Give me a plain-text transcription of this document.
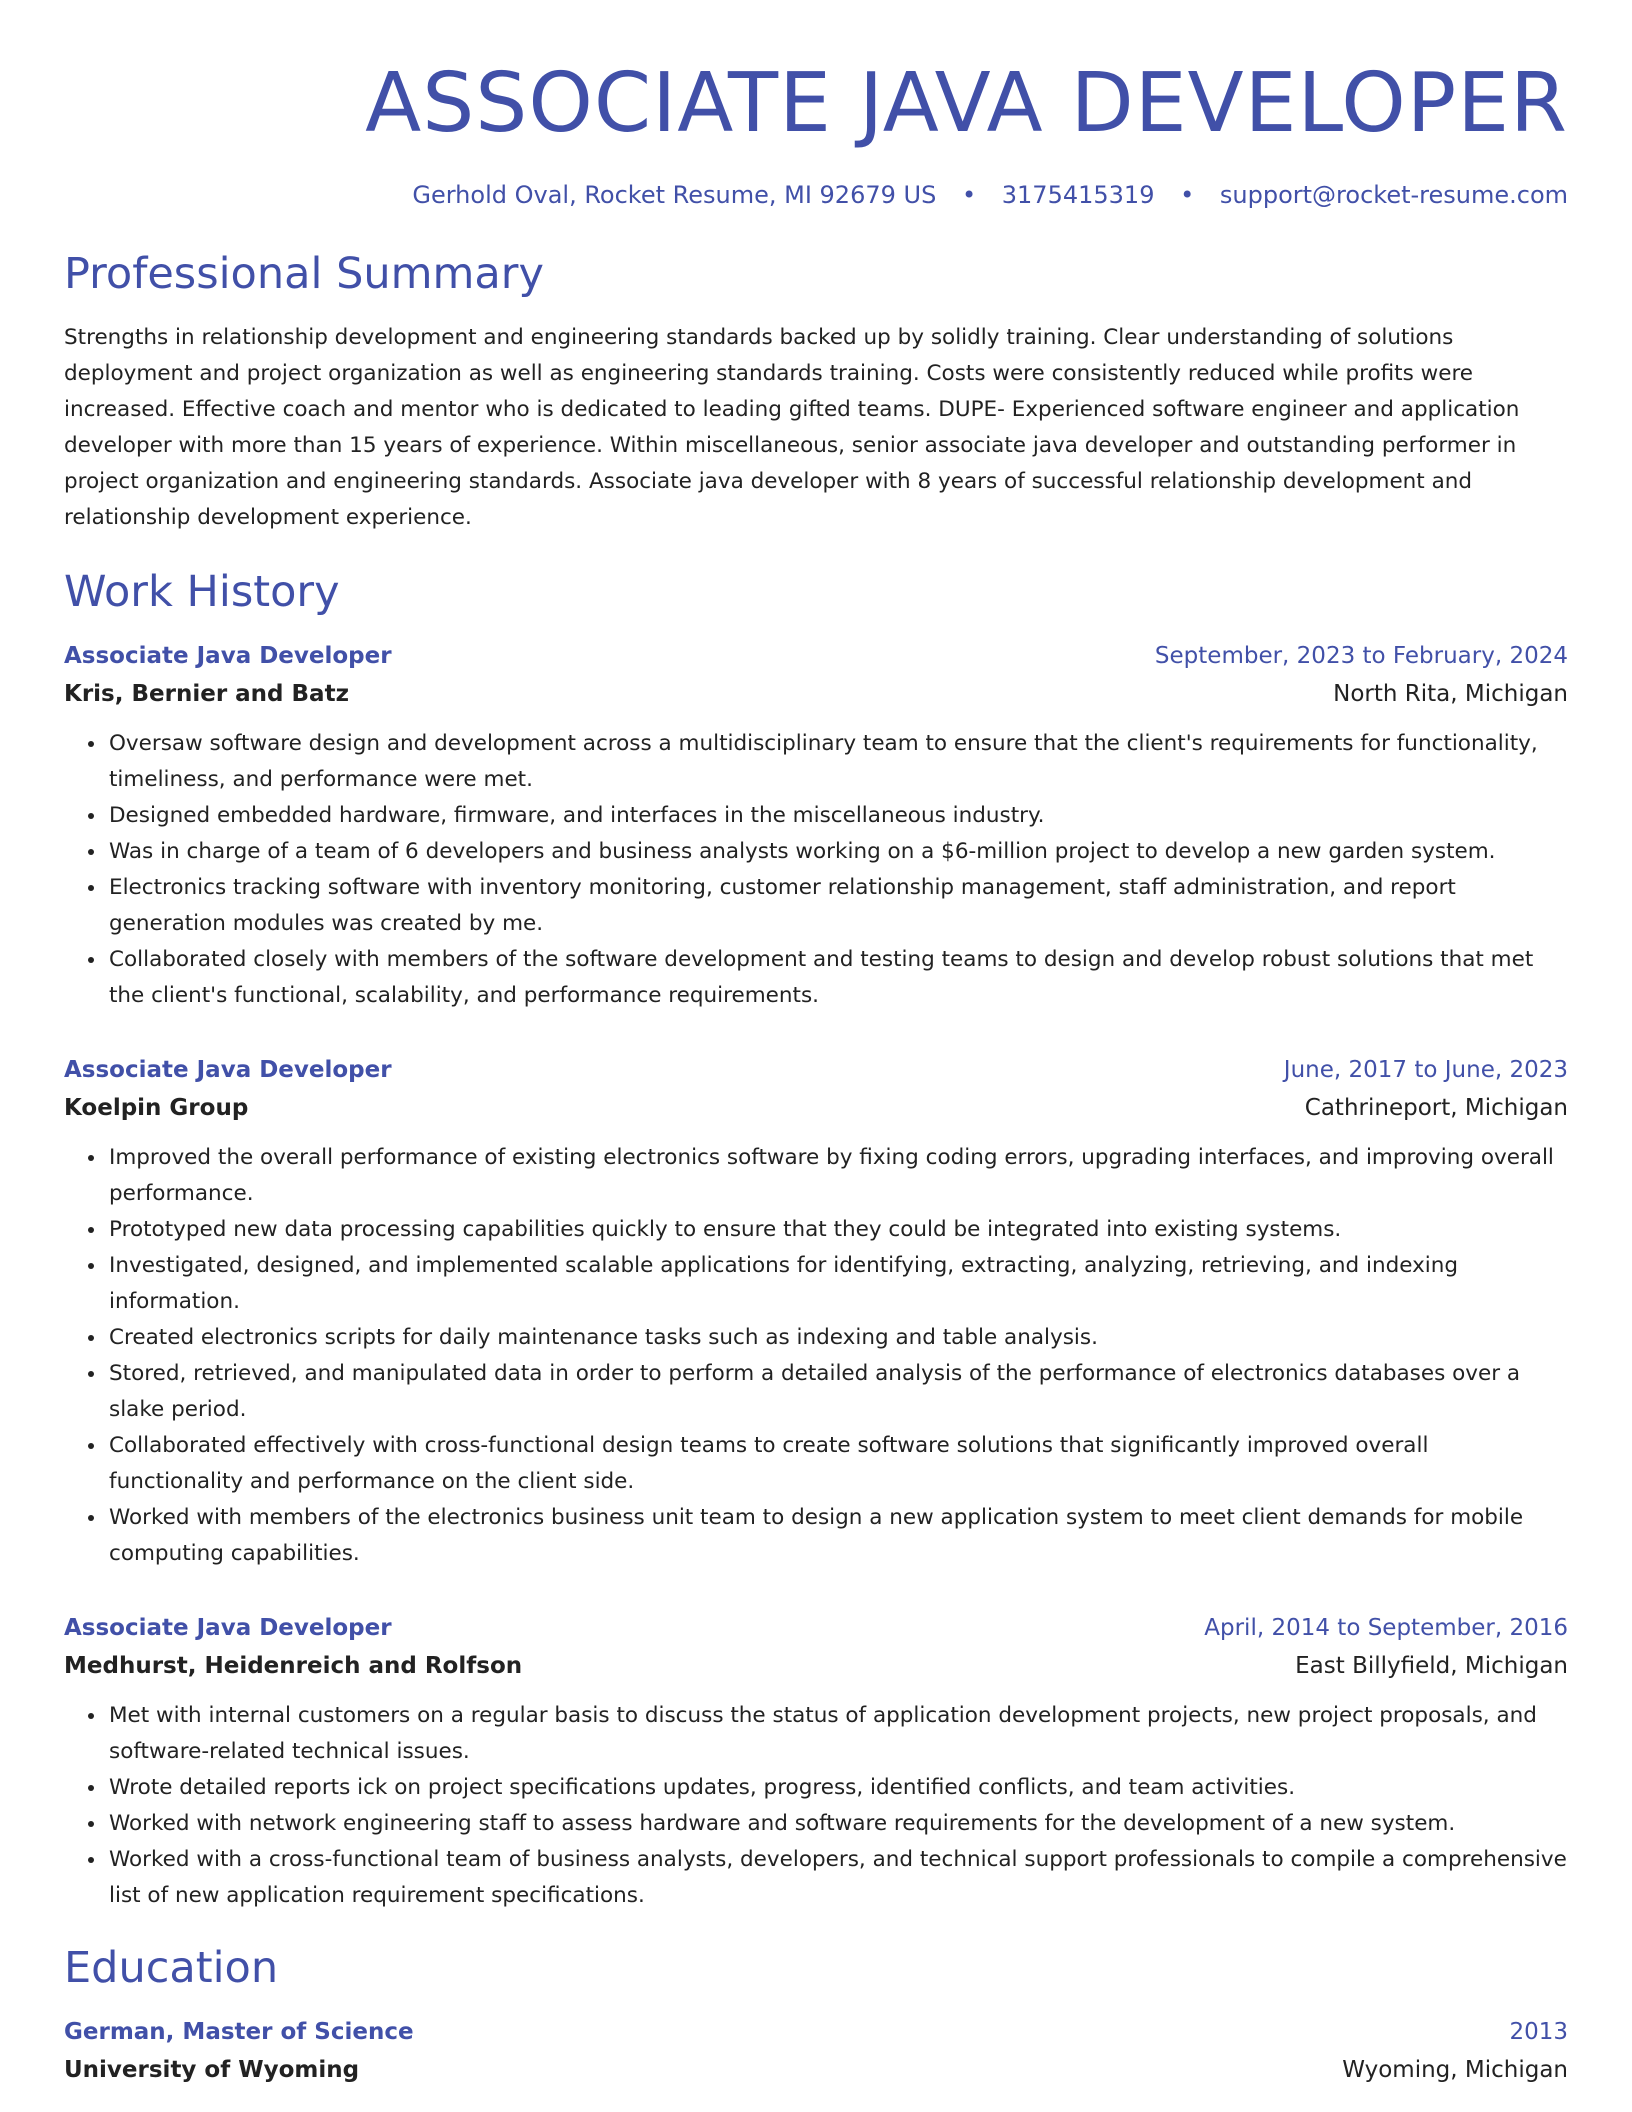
ASSOCIATE JAVA DEVELOPER
Gerhold Oval, Rocket Resume, MI 92679 US • 3175415319 • support@rocket-resume.com
Professional Summary
Strengths in relationship development and engineering standards backed up by solidly training. Clear understanding of solutions deployment and project organization as well as engineering standards training. Costs were consistently reduced while profits were increased. Effective coach and mentor who is dedicated to leading gifted teams. DUPE- Experienced software engineer and application developer with more than 15 years of experience. Within miscellaneous, senior associate java developer and outstanding performer in project organization and engineering standards. Associate java developer with 8 years of successful relationship development and relationship development experience.
Work History
Associate Java Developer	September, 2023 to February, 2024
Kris, Bernier and Batz	North Rita, Michigan
• Oversaw software design and development across a multidisciplinary team to ensure that the client's requirements for functionality, timeliness, and performance were met.
• Designed embedded hardware, firmware, and interfaces in the miscellaneous industry.
• Was in charge of a team of 6 developers and business analysts working on a $6-million project to develop a new garden system.
• Electronics tracking software with inventory monitoring, customer relationship management, staff administration, and report generation modules was created by me.
• Collaborated closely with members of the software development and testing teams to design and develop robust solutions that met the client's functional, scalability, and performance requirements.
Associate Java Developer	June, 2017 to June, 2023
Koelpin Group	Cathrineport, Michigan
• Improved the overall performance of existing electronics software by fixing coding errors, upgrading interfaces, and improving overall performance.
• Prototyped new data processing capabilities quickly to ensure that they could be integrated into existing systems.
• Investigated, designed, and implemented scalable applications for identifying, extracting, analyzing, retrieving, and indexing information.
• Created electronics scripts for daily maintenance tasks such as indexing and table analysis.
• Stored, retrieved, and manipulated data in order to perform a detailed analysis of the performance of electronics databases over a slake period.
• Collaborated effectively with cross-functional design teams to create software solutions that significantly improved overall functionality and performance on the client side.
• Worked with members of the electronics business unit team to design a new application system to meet client demands for mobile computing capabilities.
Associate Java Developer	April, 2014 to September, 2016
Medhurst, Heidenreich and Rolfson	East Billyfield, Michigan
• Met with internal customers on a regular basis to discuss the status of application development projects, new project proposals, and software-related technical issues.
• Wrote detailed reports ick on project specifications updates, progress, identified conflicts, and team activities.
• Worked with network engineering staff to assess hardware and software requirements for the development of a new system.
• Worked with a cross-functional team of business analysts, developers, and technical support professionals to compile a comprehensive list of new application requirement specifications.
Education
German, Master of Science	2013
University of Wyoming	Wyoming, Michigan
